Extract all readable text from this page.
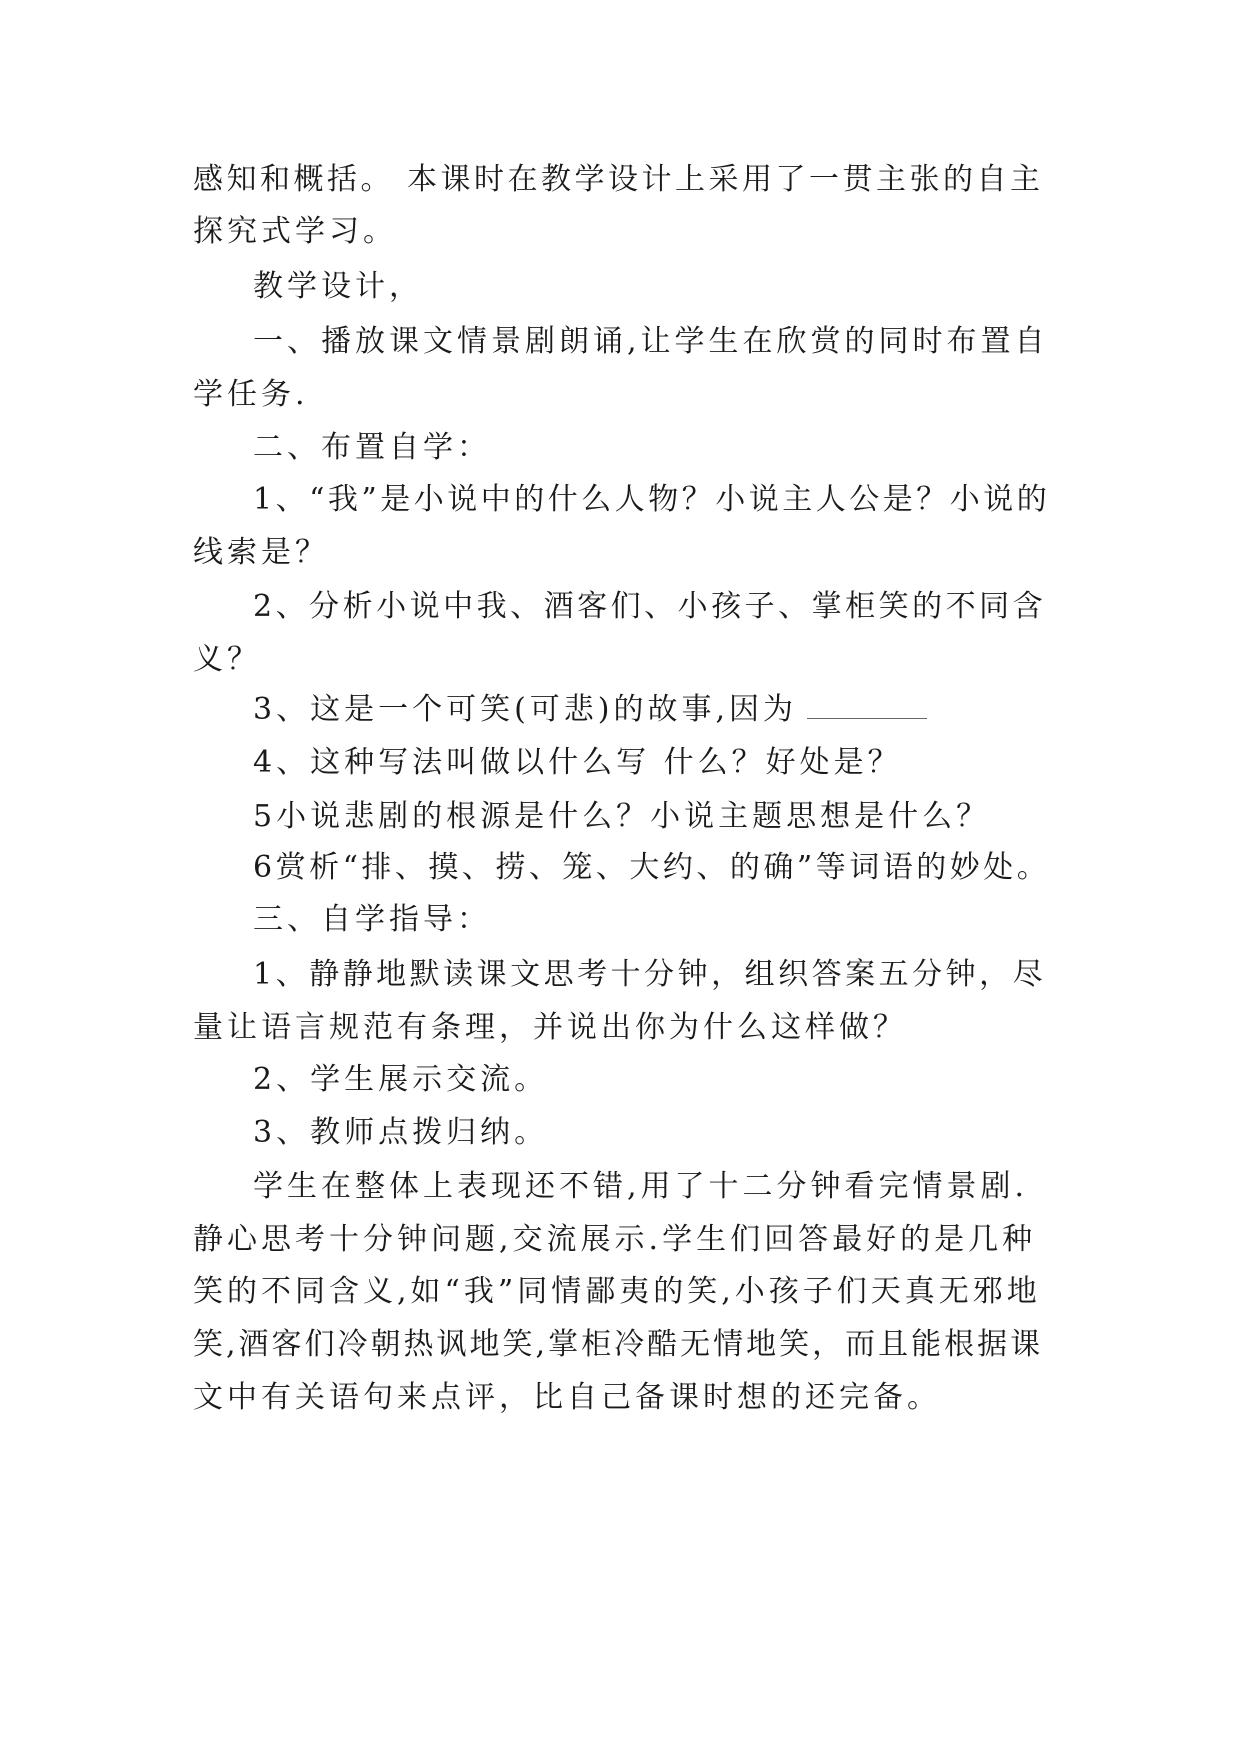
感知和概括。 本课时在教学设计上采用了一贯主张的自主
探究式学习。
教学设计，
一、播放课文情景剧朗诵,让学生在欣赏的同时布置自
学任务.
二、布置自学：
1、“我”是小说中的什么人物？小说主人公是？小说的
线索是？
2、分析小说中我、酒客们、小孩子、掌柜笑的不同含
义？
3、这是一个可笑(可悲)的故事,因为
4、这种写法叫做以什么写 什么？好处是？
5小说悲剧的根源是什么？小说主题思想是什么？
6赏析“排、摸、捞、笼、大约、的确”等词语的妙处。
三、自学指导：
1、静静地默读课文思考十分钟，组织答案五分钟，尽
量让语言规范有条理，并说出你为什么这样做？
2、学生展示交流。
3、教师点拨归纳。
学生在整体上表现还不错,用了十二分钟看完情景剧.
静心思考十分钟问题,交流展示.学生们回答最好的是几种
笑的不同含义,如“我”同情鄙夷的笑,小孩子们天真无邪地
笑,酒客们冷朝热讽地笑,掌柜冷酷无情地笑，而且能根据课
文中有关语句来点评，比自己备课时想的还完备。
